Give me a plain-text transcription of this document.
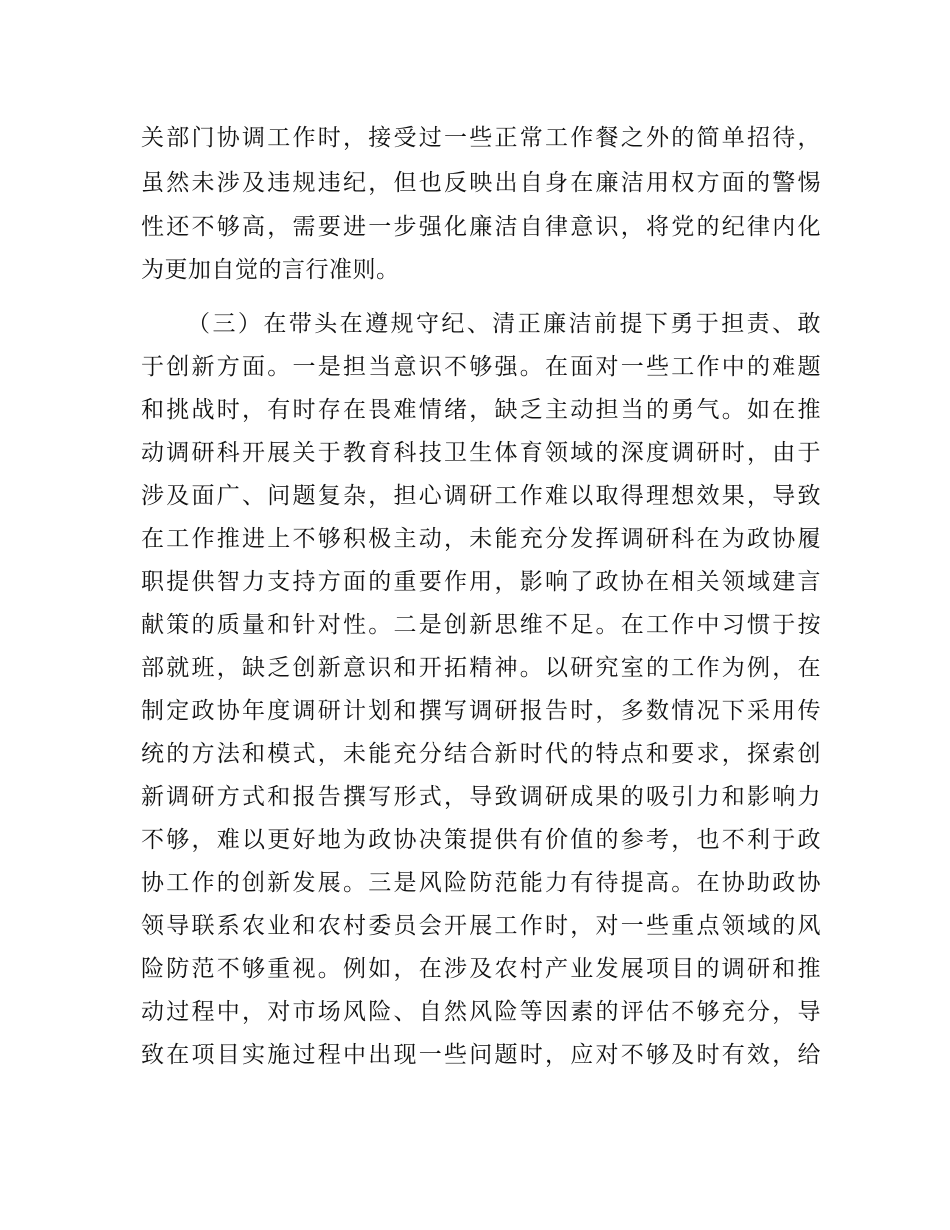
关部门协调工作时，接受过一些正常工作餐之外的简单招待，
虽然未涉及违规违纪，但也反映出自身在廉洁用权方面的警惕
性还不够高，需要进一步强化廉洁自律意识，将党的纪律内化
为更加自觉的言行准则。
（三）在带头在遵规守纪、清正廉洁前提下勇于担责、敢
于创新方面。一是担当意识不够强。在面对一些工作中的难题
和挑战时，有时存在畏难情绪，缺乏主动担当的勇气。如在推
动调研科开展关于教育科技卫生体育领域的深度调研时，由于
涉及面广、问题复杂，担心调研工作难以取得理想效果，导致
在工作推进上不够积极主动，未能充分发挥调研科在为政协履
职提供智力支持方面的重要作用，影响了政协在相关领域建言
献策的质量和针对性。二是创新思维不足。在工作中习惯于按
部就班，缺乏创新意识和开拓精神。以研究室的工作为例，在
制定政协年度调研计划和撰写调研报告时，多数情况下采用传
统的方法和模式，未能充分结合新时代的特点和要求，探索创
新调研方式和报告撰写形式，导致调研成果的吸引力和影响力
不够，难以更好地为政协决策提供有价值的参考，也不利于政
协工作的创新发展。三是风险防范能力有待提高。在协助政协
领导联系农业和农村委员会开展工作时，对一些重点领域的风
险防范不够重视。例如，在涉及农村产业发展项目的调研和推
动过程中，对市场风险、自然风险等因素的评估不够充分，导
致在项目实施过程中出现一些问题时，应对不够及时有效，给
